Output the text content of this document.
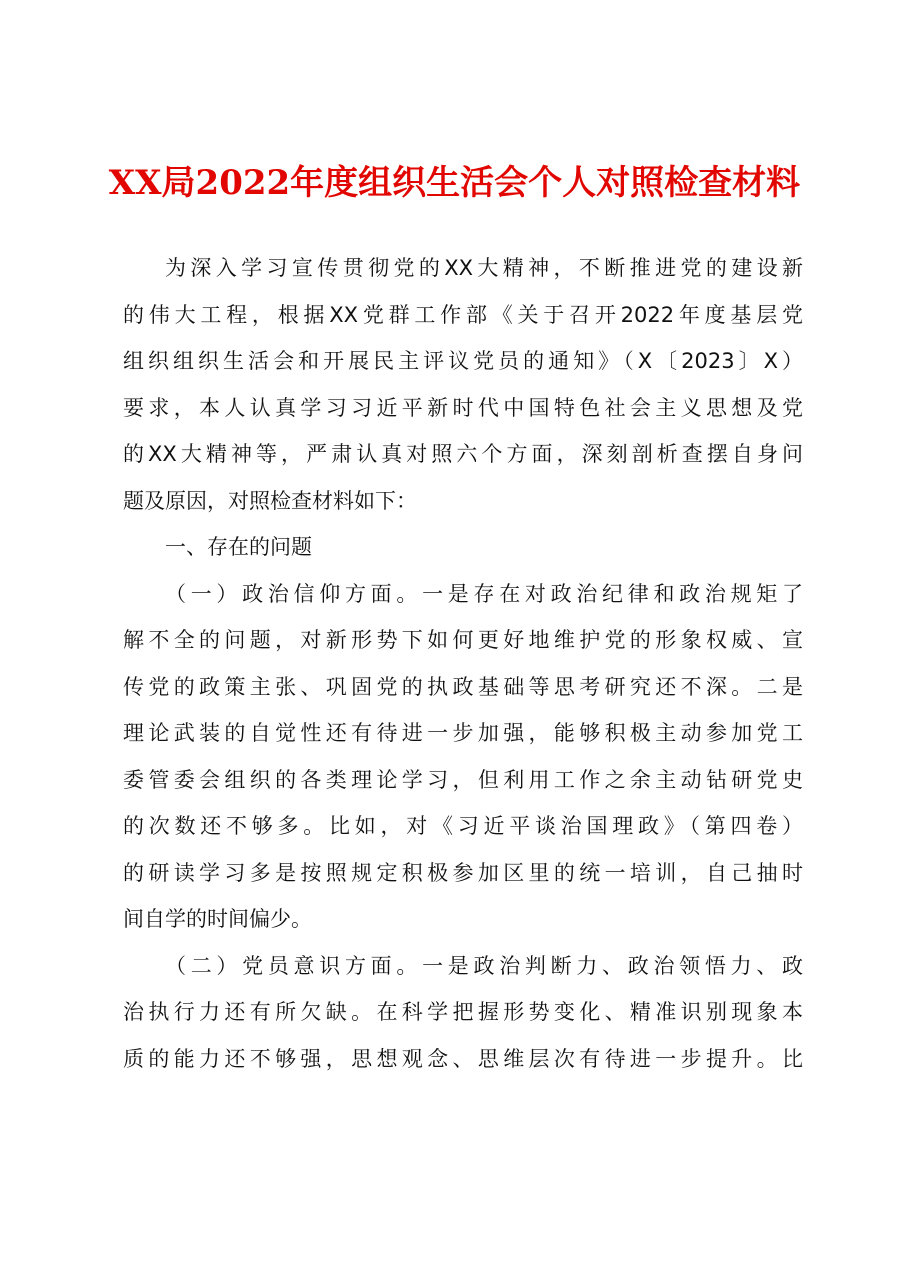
XX局2022年度组织生活会个人对照检查材料
为深入学习宣传贯彻党的XX大精神，不断推进党的建设新
的伟大工程，根据XX党群工作部《关于召开2022年度基层党
组织组织生活会和开展民主评议党员的通知》（X〔2023〕X）
要求，本人认真学习习近平新时代中国特色社会主义思想及党
的XX大精神等，严肃认真对照六个方面，深刻剖析查摆自身问
题及原因，对照检查材料如下：
一、存在的问题
（一）政治信仰方面。一是存在对政治纪律和政治规矩了
解不全的问题，对新形势下如何更好地维护党的形象权威、宣
传党的政策主张、巩固党的执政基础等思考研究还不深。二是
理论武装的自觉性还有待进一步加强，能够积极主动参加党工
委管委会组织的各类理论学习，但利用工作之余主动钻研党史
的次数还不够多。比如，对《习近平谈治国理政》（第四卷）
的研读学习多是按照规定积极参加区里的统一培训，自己抽时
间自学的时间偏少。
（二）党员意识方面。一是政治判断力、政治领悟力、政
治执行力还有所欠缺。在科学把握形势变化、精准识别现象本
质的能力还不够强，思想观念、思维层次有待进一步提升。比
